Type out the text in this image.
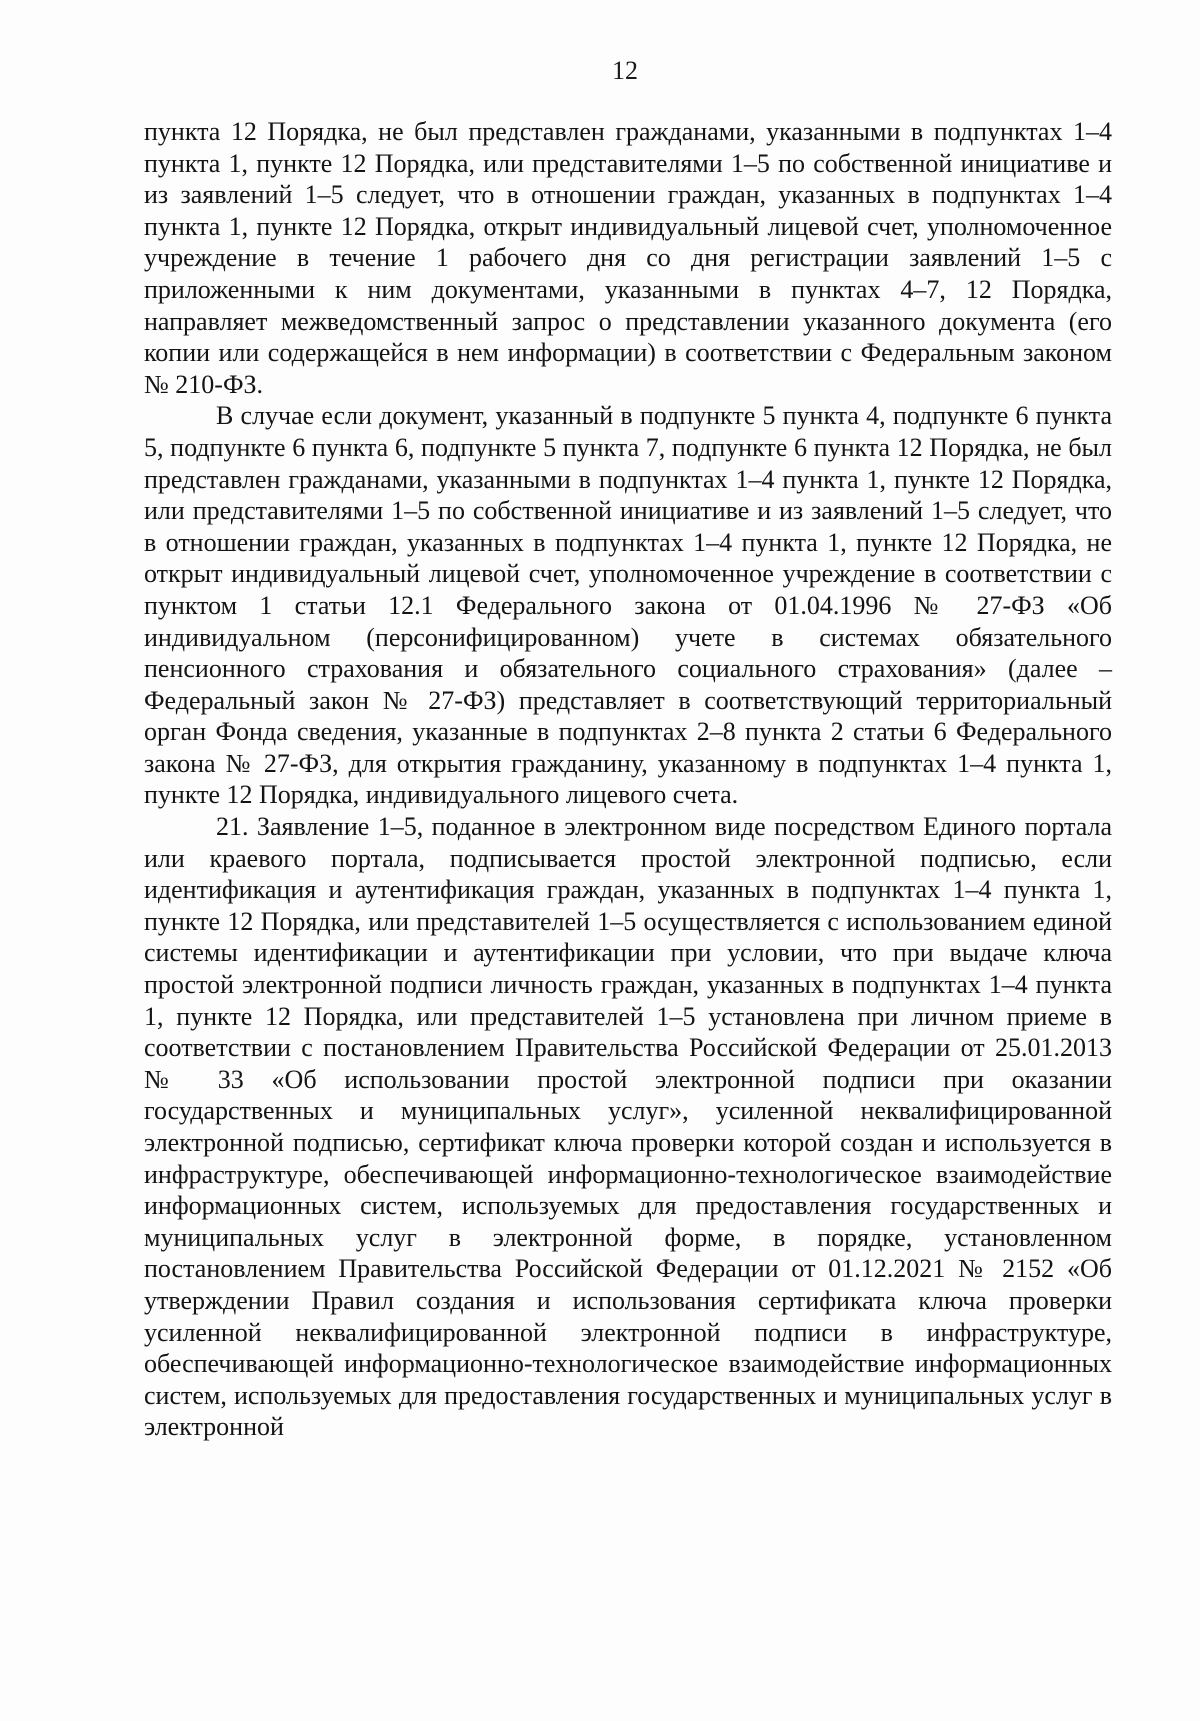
12

пункта 12 Порядка, не был представлен гражданами, указанными в подпунктах 1–4 пункта 1, пункте 12 Порядка, или представителями 1–5 по собственной инициативе и из заявлений 1–5 следует, что в отношении граждан, указанных в подпунктах 1–4 пункта 1, пункте 12 Порядка, открыт индивидуальный лицевой счет, уполномоченное учреждение в течение 1 рабочего дня со дня регистрации заявлений 1–5 с приложенными к ним документами, указанными в пунктах 4–7, 12 Порядка, направляет межведомственный запрос о представлении указанного документа (его копии или содержащейся в нем информации) в соответствии с Федеральным законом № 210-ФЗ.

В случае если документ, указанный в подпункте 5 пункта 4, подпункте 6 пункта 5, подпункте 6 пункта 6, подпункте 5 пункта 7, подпункте 6 пункта 12 Порядка, не был представлен гражданами, указанными в подпунктах 1–4 пункта 1, пункте 12 Порядка, или представителями 1–5 по собственной инициативе и из заявлений 1–5 следует, что в отношении граждан, указанных в подпунктах 1–4 пункта 1, пункте 12 Порядка, не открыт индивидуальный лицевой счет, уполномоченное учреждение в соответствии с пунктом 1 статьи 12.1 Федерального закона от 01.04.1996 № 27-ФЗ «Об индивидуальном (персонифицированном) учете в системах обязательного пенсионного страхования и обязательного социального страхования» (далее – Федеральный закон № 27-ФЗ) представляет в соответствующий территориальный орган Фонда сведения, указанные в подпунктах 2–8 пункта 2 статьи 6 Федерального закона № 27-ФЗ, для открытия гражданину, указанному в подпунктах 1–4 пункта 1, пункте 12 Порядка, индивидуального лицевого счета.

21. Заявление 1–5, поданное в электронном виде посредством Единого портала или краевого портала, подписывается простой электронной подписью, если идентификация и аутентификация граждан, указанных в подпунктах 1–4 пункта 1, пункте 12 Порядка, или представителей 1–5 осуществляется с использованием единой системы идентификации и аутентификации при условии, что при выдаче ключа простой электронной подписи личность граждан, указанных в подпунктах 1–4 пункта 1, пункте 12 Порядка, или представителей 1–5 установлена при личном приеме в соответствии с постановлением Правительства Российской Федерации от 25.01.2013 № 33 «Об использовании простой электронной подписи при оказании государственных и муниципальных услуг», усиленной неквалифицированной электронной подписью, сертификат ключа проверки которой создан и используется в инфраструктуре, обеспечивающей информационно-технологическое взаимодействие информационных систем, используемых для предоставления государственных и муниципальных услуг в электронной форме, в порядке, установленном постановлением Правительства Российской Федерации от 01.12.2021 № 2152 «Об утверждении Правил создания и использования сертификата ключа проверки усиленной неквалифицированной электронной подписи в инфраструктуре, обеспечивающей информационно-технологическое взаимодействие информационных систем, используемых для предоставления государственных и муниципальных услуг в электронной
